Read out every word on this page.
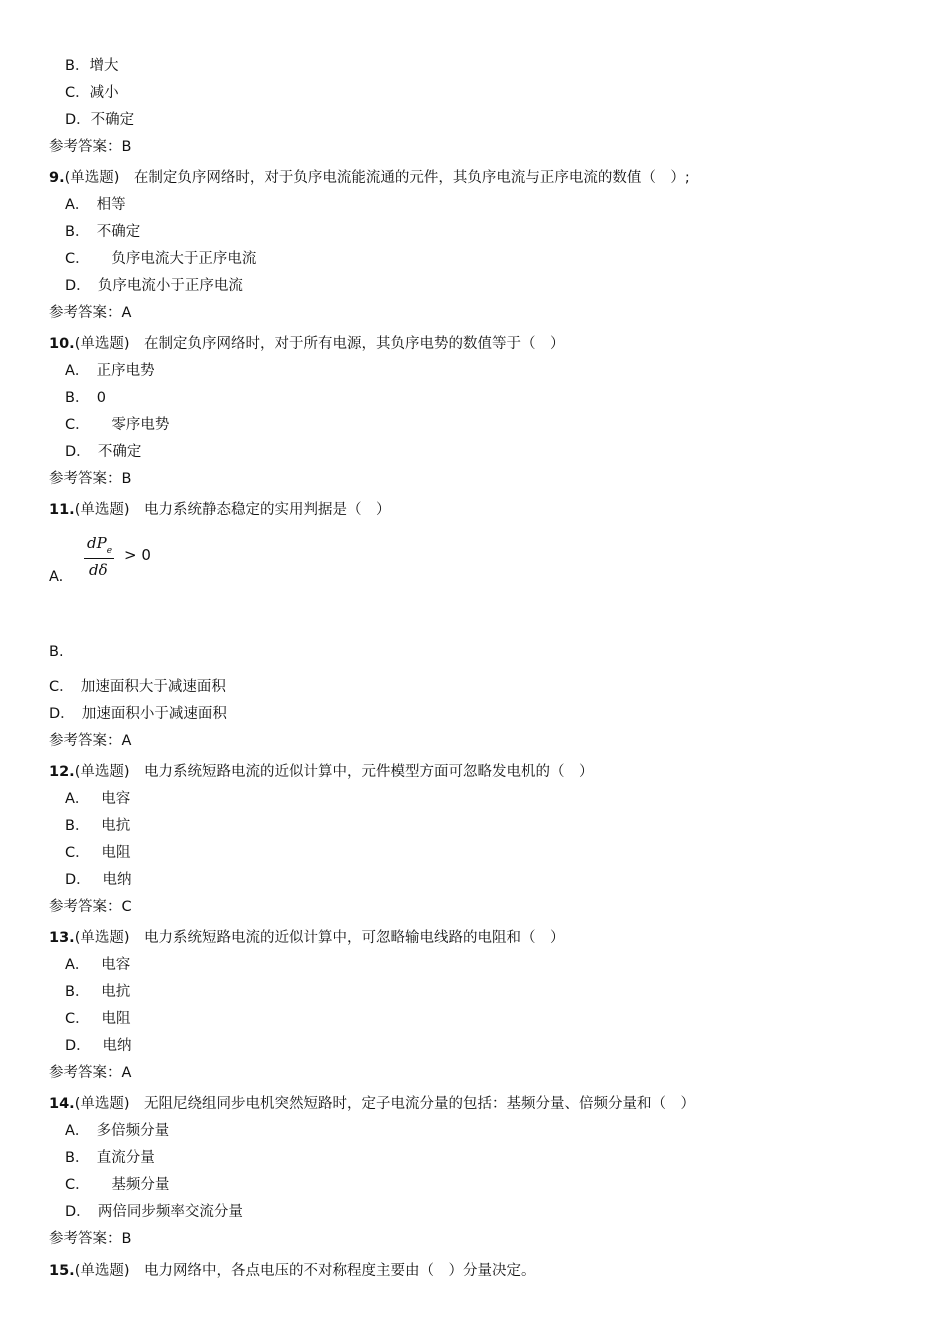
B．增大
C．减小
D．不确定
参考答案：B
9.(单选题)　在制定负序网络时，对于负序电流能流通的元件，其负序电流与正序电流的数值（　）;
A．　相等
B．　不确定
C．　　负序电流大于正序电流
D．　负序电流小于正序电流
参考答案：A
10.(单选题)　在制定负序网络时，对于所有电源，其负序电势的数值等于（　）
A．　正序电势
B．　0
C．　　零序电势
D．　不确定
参考答案：B
11.(单选题)　电力系统静态稳定的实用判据是（　）
$dP_e$
dδ
> 0
A.
B.
C．　加速面积大于减速面积
D．　加速面积小于减速面积
参考答案：A
12.(单选题)　电力系统短路电流的近似计算中，元件模型方面可忽略发电机的（　）
A．　 电容
B．　 电抗
C．　 电阻
D．　 电纳
参考答案：C
13.(单选题)　电力系统短路电流的近似计算中，可忽略输电线路的电阻和（　）
A．　 电容
B．　 电抗
C．　 电阻
D．　 电纳
参考答案：A
14.(单选题)　无阻尼绕组同步电机突然短路时，定子电流分量的包括：基频分量、倍频分量和（　）
A．　多倍频分量
B．　直流分量
C．　　基频分量
D．　两倍同步频率交流分量
参考答案：B
15.(单选题)　电力网络中，各点电压的不对称程度主要由（　）分量决定。
